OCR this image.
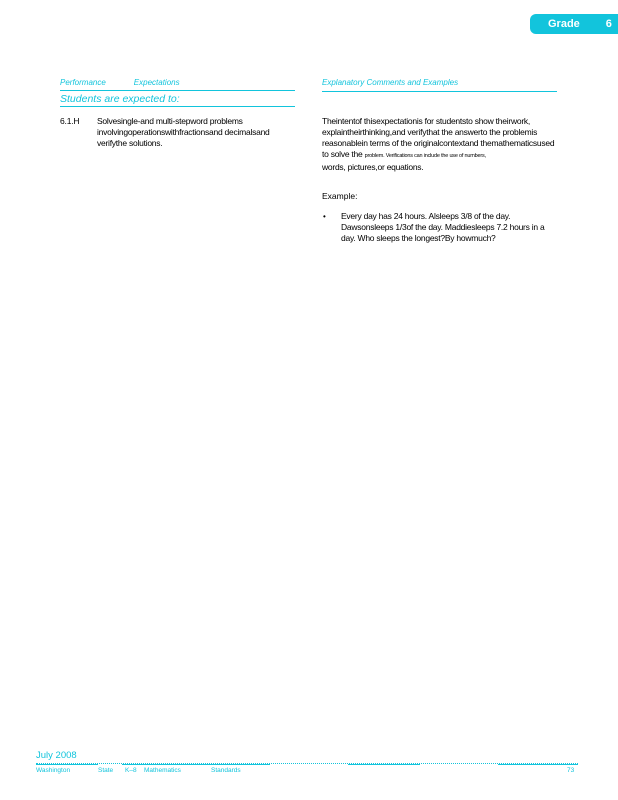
Grade 6
Performance	Expectations
Students are expected to:
Explanatory Comments and Examples
6.1.H Solvesingle-and multi-stepword problems involvingoperationswithfractionsand decimalsand verifythe solutions.
Theintentof thisexpectationis for studentsto show theirwork, explaintheirthinking,and verifythat the answerto the problemis reasonablein terms of the originalcontextand themathematicsused to solve the problem. Verifications can include the use of numbers,
words, pictures,or equations.
Example:
• Every day has 24 hours. Alsleeps 3/8 of the day. Dawsonsleeps 1/3of the day. Maddiesleeps 7.2 hours in a day. Who sleeps the longest?By howmuch?
July 2008
Washington	State K–8 Mathematics	Standards	73
